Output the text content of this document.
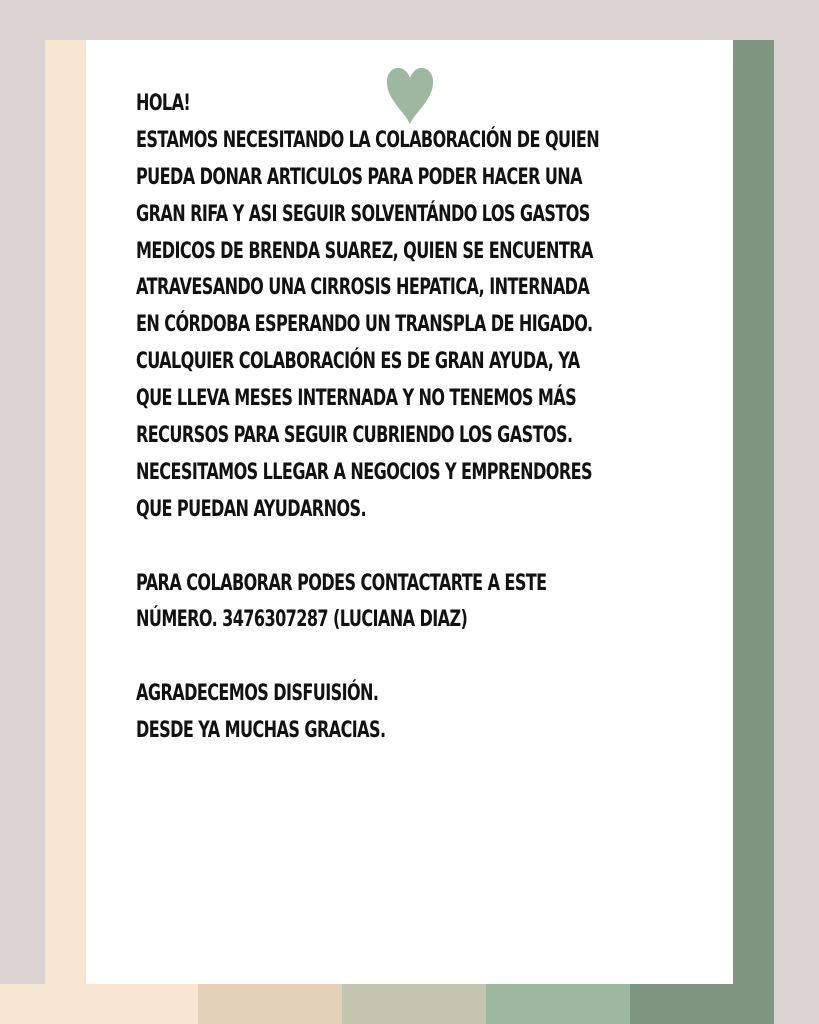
HOLA!
ESTAMOS NECESITANDO LA COLABORACIÓN DE QUIEN
PUEDA DONAR ARTICULOS PARA PODER HACER UNA
GRAN RIFA Y ASI SEGUIR SOLVENTÁNDO LOS GASTOS
MEDICOS DE BRENDA SUAREZ, QUIEN SE ENCUENTRA
ATRAVESANDO UNA CIRROSIS HEPATICA, INTERNADA
EN CÓRDOBA ESPERANDO UN TRANSPLA DE HIGADO.
CUALQUIER COLABORACIÓN ES DE GRAN AYUDA, YA
QUE LLEVA MESES INTERNADA Y NO TENEMOS MÁS
RECURSOS PARA SEGUIR CUBRIENDO LOS GASTOS.
NECESITAMOS LLEGAR A NEGOCIOS Y EMPRENDORES
QUE PUEDAN AYUDARNOS.
PARA COLABORAR PODES CONTACTARTE A ESTE
NÚMERO. 3476307287 (LUCIANA DIAZ)
AGRADECEMOS DISFUISIÓN.
DESDE YA MUCHAS GRACIAS.
